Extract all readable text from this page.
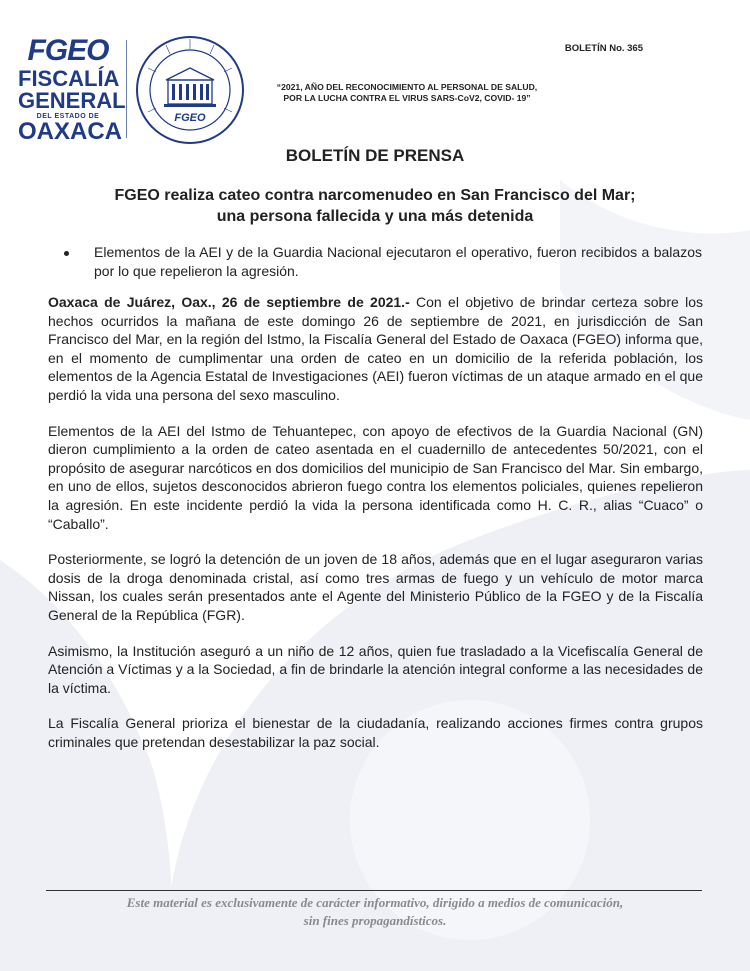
FGEO
FISCALÍA
GENERAL
DEL ESTADO DE
OAXACA	FGEO
BOLETÍN No. 365
“2021, AÑO DEL RECONOCIMIENTO AL PERSONAL DE SALUD,
POR LA LUCHA CONTRA EL VIRUS SARS-CoV2, COVID- 19”
BOLETÍN DE PRENSA
FGEO realiza cateo contra narcomenudeo en San Francisco del Mar;
una persona fallecida y una más detenida
Elementos de la AEI y de la Guardia Nacional ejecutaron el operativo, fueron recibidos a balazos por lo que repelieron la agresión.

Oaxaca de Juárez, Oax., 26 de septiembre de 2021.- Con el objetivo de brindar certeza sobre los hechos ocurridos la mañana de este domingo 26 de septiembre de 2021, en jurisdicción de San Francisco del Mar, en la región del Istmo, la Fiscalía General del Estado de Oaxaca (FGEO) informa que, en el momento de cumplimentar una orden de cateo en un domicilio de la referida población, los elementos de la Agencia Estatal de Investigaciones (AEI) fueron víctimas de un ataque armado en el que perdió la vida una persona del sexo masculino.

Elementos de la AEI del Istmo de Tehuantepec, con apoyo de efectivos de la Guardia Nacional (GN) dieron cumplimiento a la orden de cateo asentada en el cuadernillo de antecedentes 50/2021, con el propósito de asegurar narcóticos en dos domicilios del municipio de San Francisco del Mar. Sin embargo, en uno de ellos, sujetos desconocidos abrieron fuego contra los elementos policiales, quienes repelieron la agresión. En este incidente perdió la vida la persona identificada como H. C. R., alias “Cuaco” o “Caballo”.

Posteriormente, se logró la detención de un joven de 18 años, además que en el lugar aseguraron varias dosis de la droga denominada cristal, así como tres armas de fuego y un vehículo de motor marca Nissan, los cuales serán presentados ante el Agente del Ministerio Público de la FGEO y de la Fiscalía General de la República (FGR).

Asimismo, la Institución aseguró a un niño de 12 años, quien fue trasladado a la Vicefiscalía General de Atención a Víctimas y a la Sociedad, a fin de brindarle la atención integral conforme a las necesidades de la víctima.

La Fiscalía General prioriza el bienestar de la ciudadanía, realizando acciones firmes contra grupos criminales que pretendan desestabilizar la paz social.

Este material es exclusivamente de carácter informativo, dirigido a medios de comunicación,
sin fines propagandísticos.
